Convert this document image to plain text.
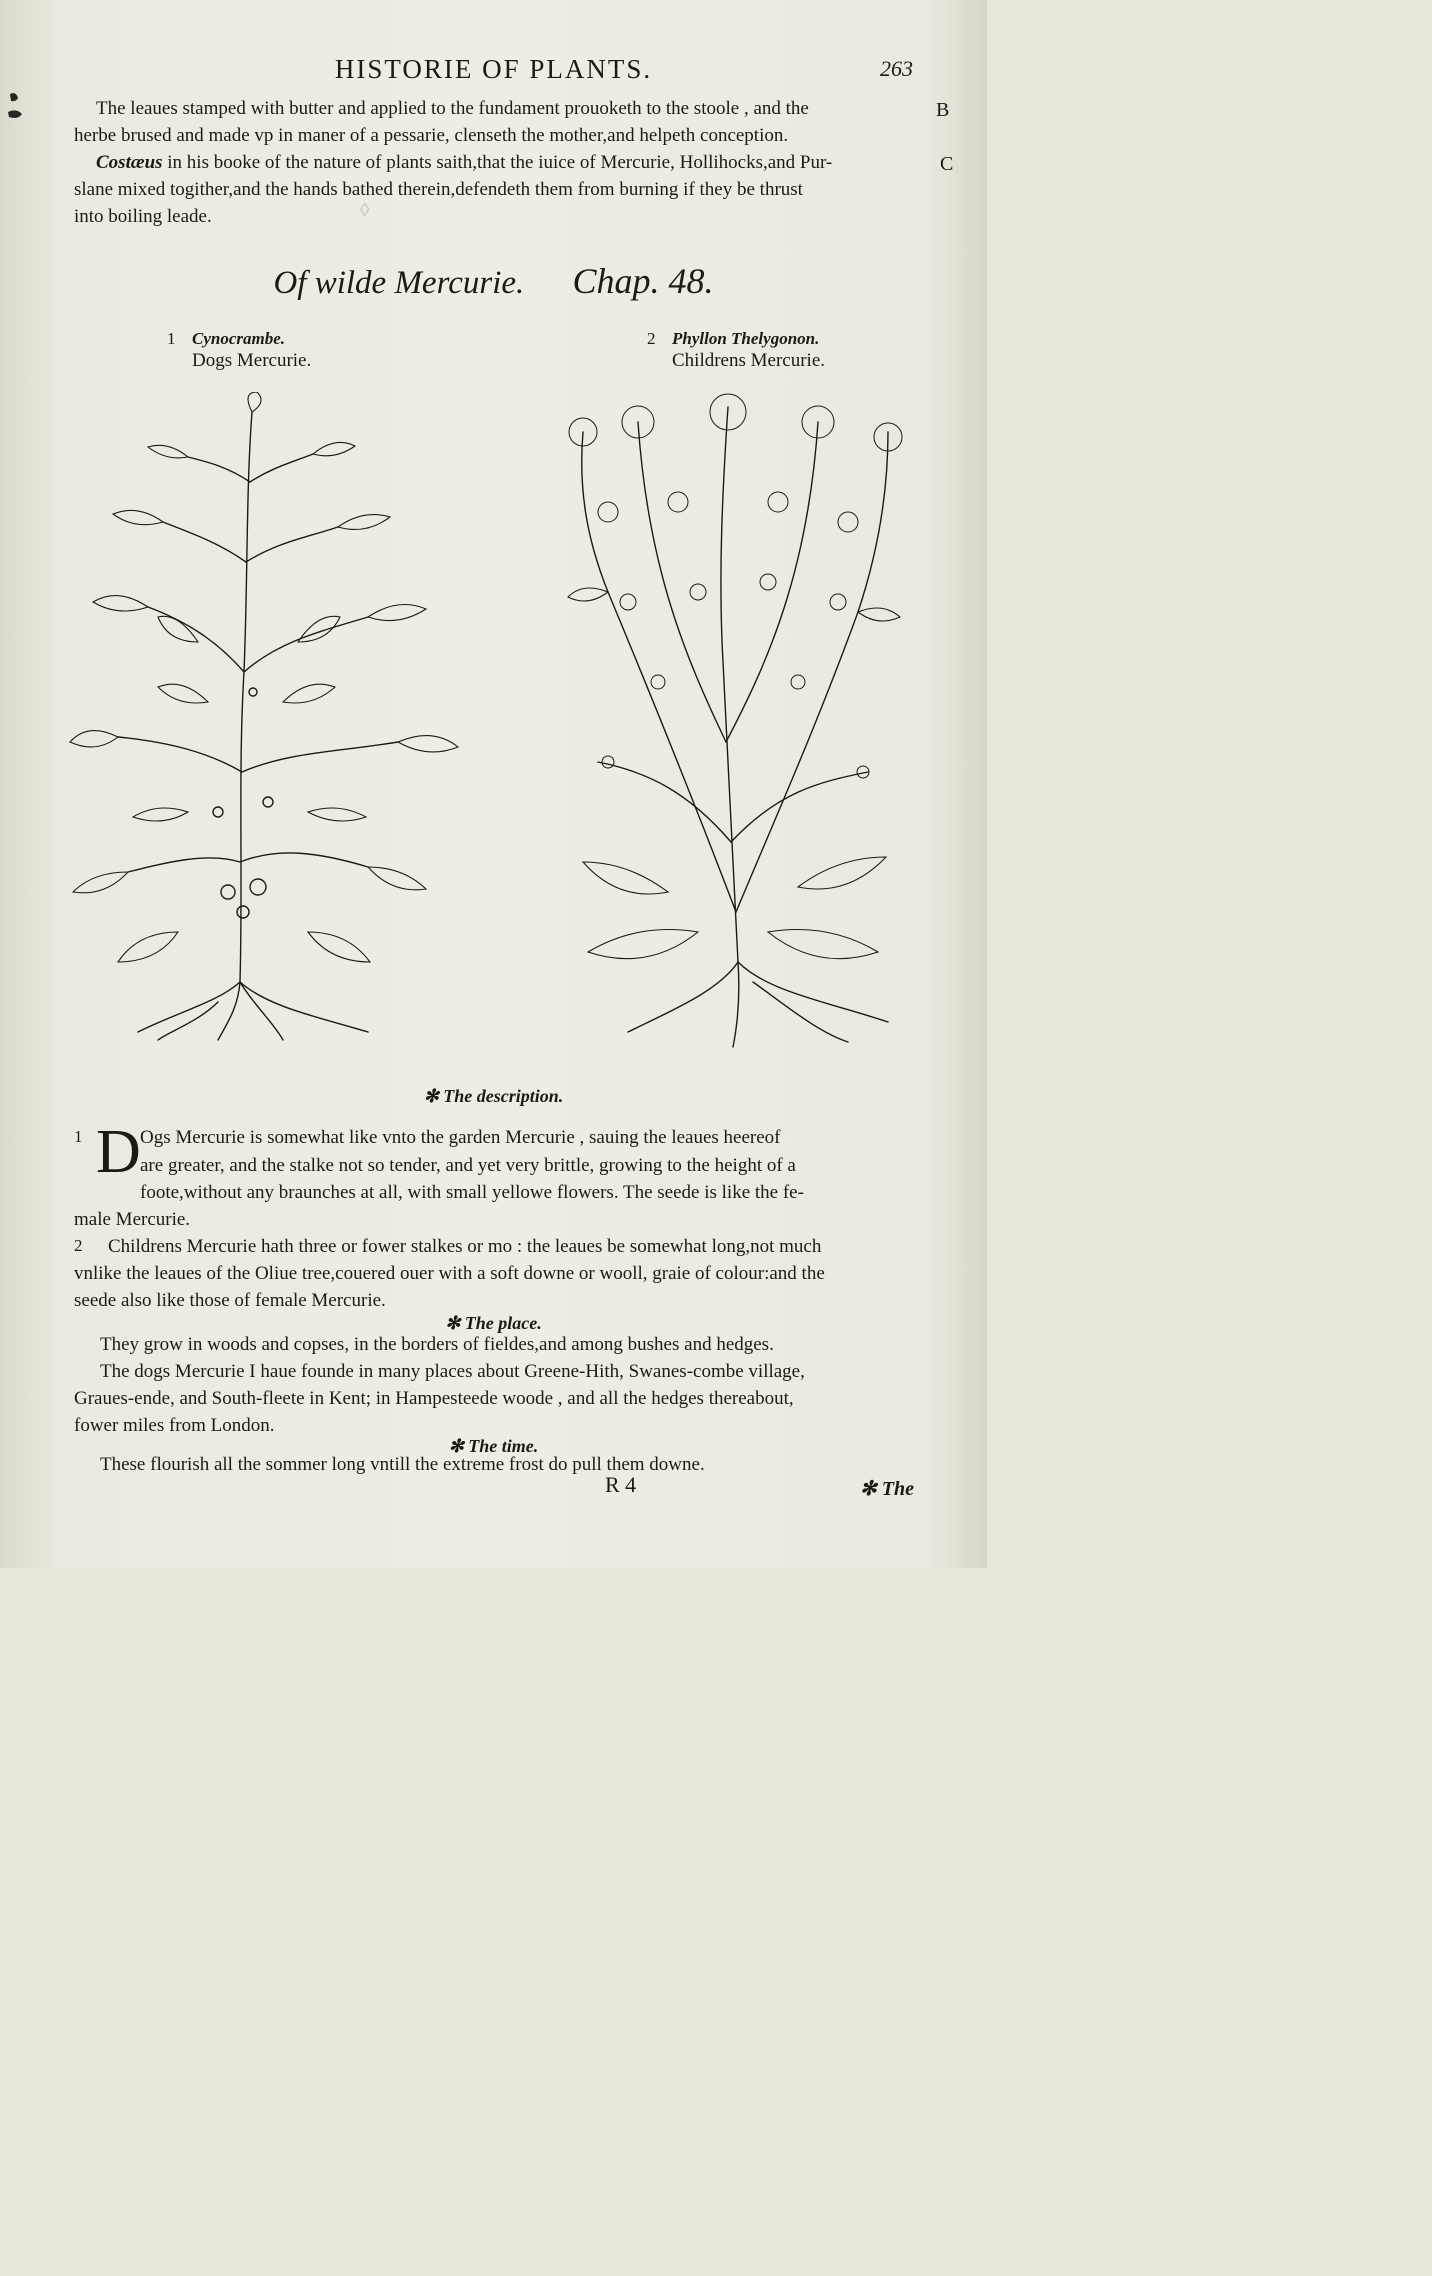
◊
HISTORIE OF PLANTS.	263
The leaues stamped with butter and applied to the fundament prouoketh to the stoole , and the	B
herbe brused and made vp in maner of a pessarie, clenseth the mother,and helpeth conception.
Costæus in his booke of the nature of plants saith,that the iuice of Mercurie, Hollihocks,and Pur-	C
slane mixed togither,and the hands bathed therein,defendeth them from burning if they be thrust
into boiling leade.
Of wilde Mercurie. Chap. 48.
1 Cynocrambe.
Dogs Mercurie.
2 Phyllon Thelygonon.
Childrens Mercurie.
✻ The description.
1 D Ogs Mercurie is somewhat like vnto the garden Mercurie , sauing the leaues heereof
are greater, and the stalke not so tender, and yet very brittle, growing to the height of a
foote,without any braunches at all, with small yellowe flowers. The seede is like the fe-
male Mercurie.
2 Childrens Mercurie hath three or fower stalkes or mo : the leaues be somewhat long,not much
vnlike the leaues of the Oliue tree,couered ouer with a soft downe or wooll, graie of colour:and the
seede also like those of female Mercurie.
✻ The place.
They grow in woods and copses, in the borders of fieldes,and among bushes and hedges.
The dogs Mercurie I haue founde in many places about Greene-Hith, Swanes-combe village,
Graues-ende, and South-fleete in Kent; in Hampesteede woode , and all the hedges thereabout,
fower miles from London.
✻ The time.
These flourish all the sommer long vntill the extreme frost do pull them downe.
R 4	✻ The
